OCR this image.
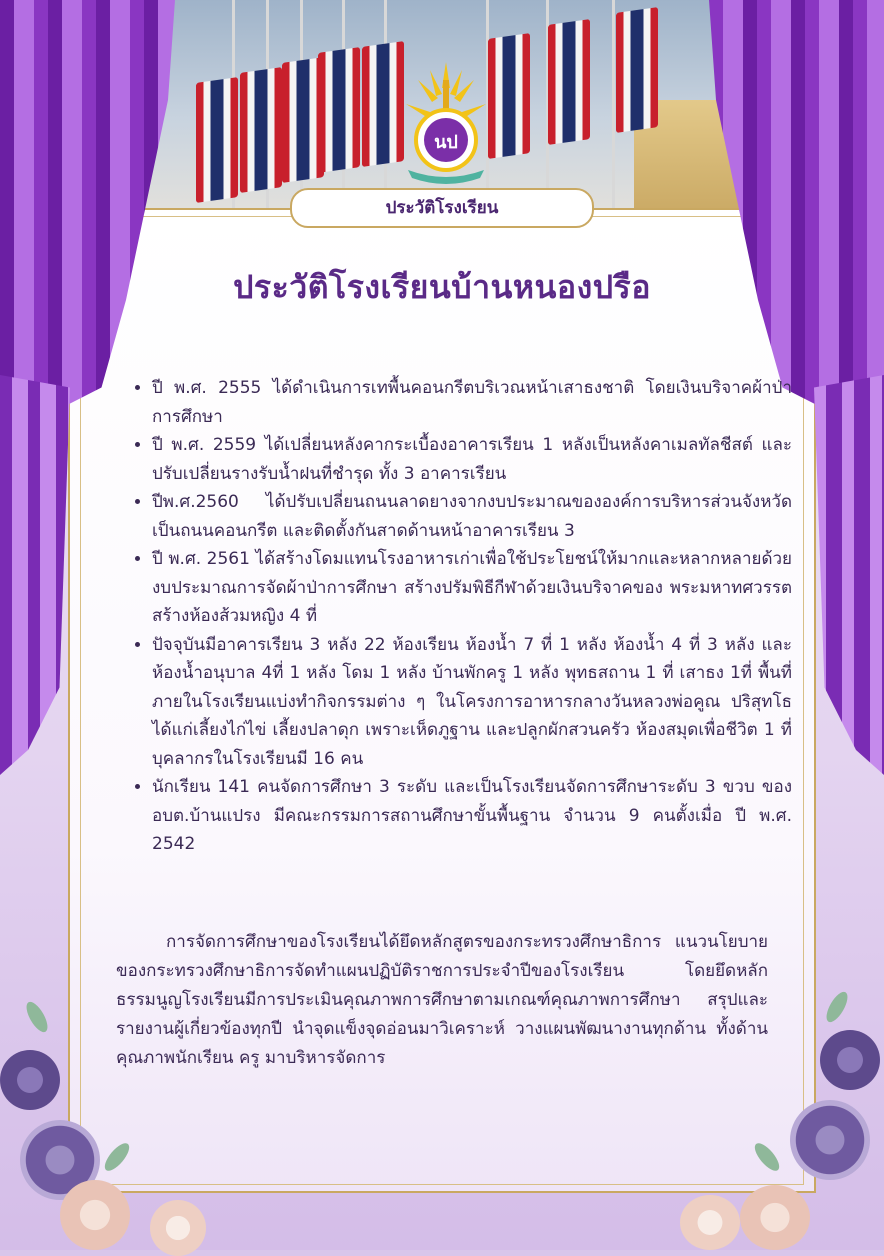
นป
ประวัติโรงเรียน
ประวัติโรงเรียนบ้านหนองปรือ
• ปี พ.ศ. 2555 ได้ดำเนินการเทพื้นคอนกรีตบริเวณหน้าเสาธงชาติ โดยเงินบริจาคผ้าป่าการศึกษา
• ปี พ.ศ. 2559 ได้เปลี่ยนหลังคากระเบื้องอาคารเรียน 1 หลังเป็นหลังคาเมลทัลชีสต์ และปรับเปลี่ยนรางรับน้ำฝนที่ชำรุด ทั้ง 3 อาคารเรียน
• ปีพ.ศ.2560 ได้ปรับเปลี่ยนถนนลาดยางจากงบประมาณขององค์การบริหารส่วนจังหวัด เป็นถนนคอนกรีต และติดตั้งกันสาดด้านหน้าอาคารเรียน 3
• ปี พ.ศ. 2561 ได้สร้างโดมแทนโรงอาหารเก่าเพื่อใช้ประโยชน์ให้มากและหลากหลายด้วยงบประมาณการจัดผ้าป่าการศึกษา สร้างปรัมพิธีกีฬาด้วยเงินบริจาคของ พระมหาทศวรรตสร้างห้องส้วมหญิง 4 ที่
• ปัจจุบันมีอาคารเรียน 3 หลัง 22 ห้องเรียน ห้องน้ำ 7 ที่ 1 หลัง ห้องน้ำ 4 ที่ 3 หลัง และห้องน้ำอนุบาล 4ที่ 1 หลัง โดม 1 หลัง บ้านพักครู 1 หลัง พุทธสถาน 1 ที่ เสาธง 1ที่ พื้นที่ภายในโรงเรียนแบ่งทำกิจกรรมต่าง ๆ ในโครงการอาหารกลางวันหลวงพ่อคูณ ปริสุทโธ ได้แก่เลี้ยงไก่ไข่ เลี้ยงปลาดุก เพราะเห็ดภูฐาน และปลูกผักสวนครัว ห้องสมุดเพื่อชีวิต 1 ที่ บุคลากรในโรงเรียนมี 16 คน
• นักเรียน 141 คนจัดการศึกษา 3 ระดับ และเป็นโรงเรียนจัดการศึกษาระดับ 3 ขวบ ของ อบต.บ้านแปรง มีคณะกรรมการสถานศึกษาขั้นพื้นฐาน จำนวน 9 คนตั้งเมื่อ ปี พ.ศ. 2542

การจัดการศึกษาของโรงเรียนได้ยึดหลักสูตรของกระทรวงศึกษาธิการ แนวนโยบายของกระทรวงศึกษาธิการจัดทำแผนปฏิบัติราชการประจำปีของโรงเรียน โดยยึดหลักธรรมนูญโรงเรียนมีการประเมินคุณภาพการศึกษาตามเกณฑ์คุณภาพการศึกษา สรุปและรายงานผู้เกี่ยวข้องทุกปี นำจุดแข็งจุดอ่อนมาวิเคราะห์ วางแผนพัฒนางานทุกด้าน ทั้งด้านคุณภาพนักเรียน ครู มาบริหารจัดการ
